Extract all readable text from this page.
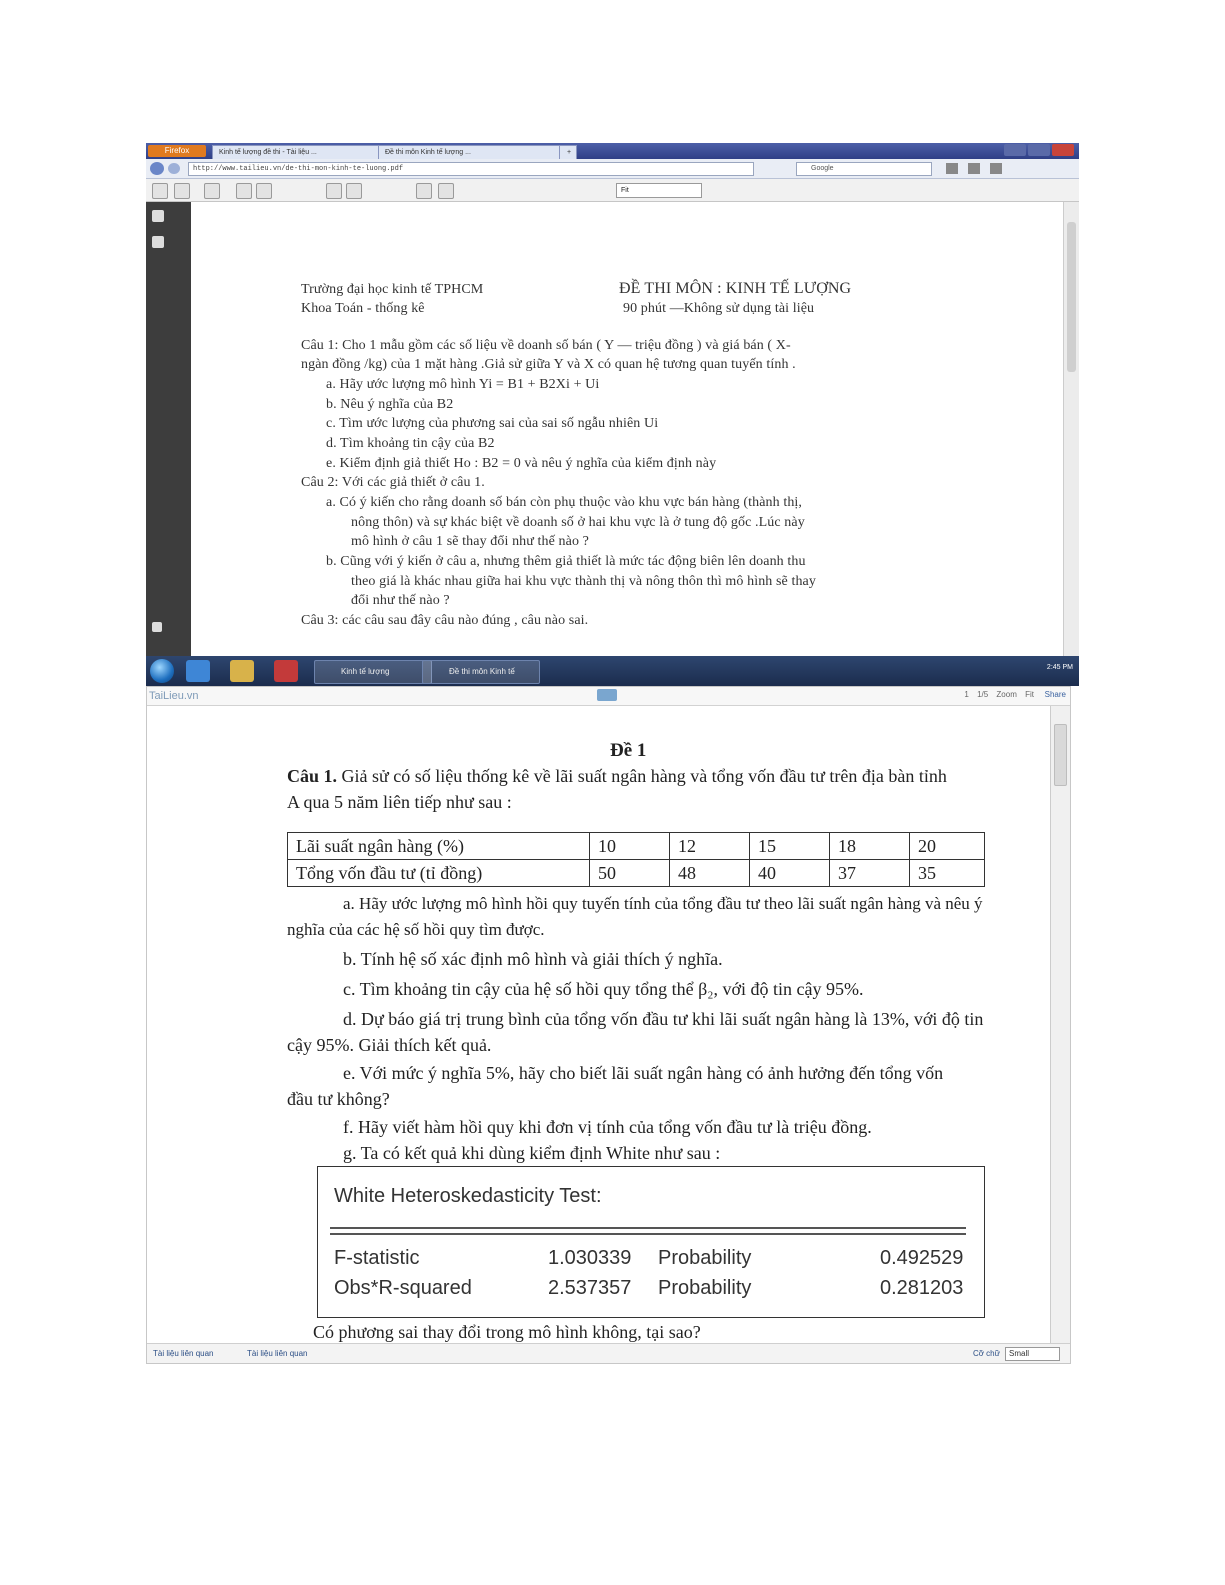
Firefox	Kinh tế lượng đề thi - Tài liệu ...	Đề thi môn Kinh tế lượng ...	+
http://www.tailieu.vn/de-thi-mon-kinh-te-luong.pdf	Google
Fit
Trường đại học kinh tế TPHCM
Khoa Toán - thống kê
ĐỀ THI MÔN : KINH TẾ LƯỢNG
90 phút —Không sử dụng tài liệu
Câu 1: Cho 1 mẫu gồm các số liệu về doanh số bán ( Y — triệu đồng ) và giá bán ( X-
ngàn đồng /kg) của 1 mặt hàng .Giả sử giữa Y và X có quan hệ tương quan tuyến tính .
a. Hãy ước lượng mô hình Yi = B1 + B2Xi + Ui
b. Nêu ý nghĩa của B2
c. Tìm ước lượng của phương sai của sai số ngẫu nhiên Ui
d. Tìm khoảng tin cậy của B2
e. Kiểm định giả thiết Ho : B2 = 0 và nêu ý nghĩa của kiểm định này
Câu 2: Với các giả thiết ở câu 1.
a. Có ý kiến cho rằng doanh số bán còn phụ thuộc vào khu vực bán hàng (thành thị,
nông thôn) và sự khác biệt về doanh số ở hai khu vực là ở tung độ gốc .Lúc này
mô hình ở câu 1 sẽ thay đổi như thế nào ?
b. Cũng với ý kiến ở câu a, nhưng thêm giả thiết là mức tác động biên lên doanh thu
theo giá là khác nhau giữa hai khu vực thành thị và nông thôn thì mô hình sẽ thay
đổi như thế nào ?
Câu 3: các câu sau đây câu nào đúng , câu nào sai.
Kinh tế lượng	Đề thi môn Kinh tế	2:45 PM
TaiLieu.vn	1 1/5 Zoom Fit Share
Đề 1
Câu 1. Giả sử có số liệu thống kê về lãi suất ngân hàng và tổng vốn đầu tư trên địa bàn tỉnh
A qua 5 năm liên tiếp như sau :
Lãi suất ngân hàng (%)	10	12	15	18	20
Tổng vốn đầu tư (tỉ đồng)	50	48	40	37	35
a. Hãy ước lượng mô hình hồi quy tuyến tính của tổng đầu tư theo lãi suất ngân hàng và nêu ý
nghĩa của các hệ số hồi quy tìm được.
b. Tính hệ số xác định mô hình và giải thích ý nghĩa.
c. Tìm khoảng tin cậy của hệ số hồi quy tổng thể β₂, với độ tin cậy 95%.
d. Dự báo giá trị trung bình của tổng vốn đầu tư khi lãi suất ngân hàng là 13%, với độ tin
cậy 95%. Giải thích kết quả.
e. Với mức ý nghĩa 5%, hãy cho biết lãi suất ngân hàng có ảnh hưởng đến tổng vốn
đầu tư không?
f. Hãy viết hàm hồi quy khi đơn vị tính của tổng vốn đầu tư là triệu đồng.
g. Ta có kết quả khi dùng kiểm định White như sau :
White Heteroskedasticity Test:
F-statistic	1.030339 Probability	0.492529
Obs*R-squared	2.537357 Probability	0.281203
Có phương sai thay đổi trong mô hình không, tại sao?
Tài liệu liên quan	Tài liệu liên quan	Cỡ chữ	Small
